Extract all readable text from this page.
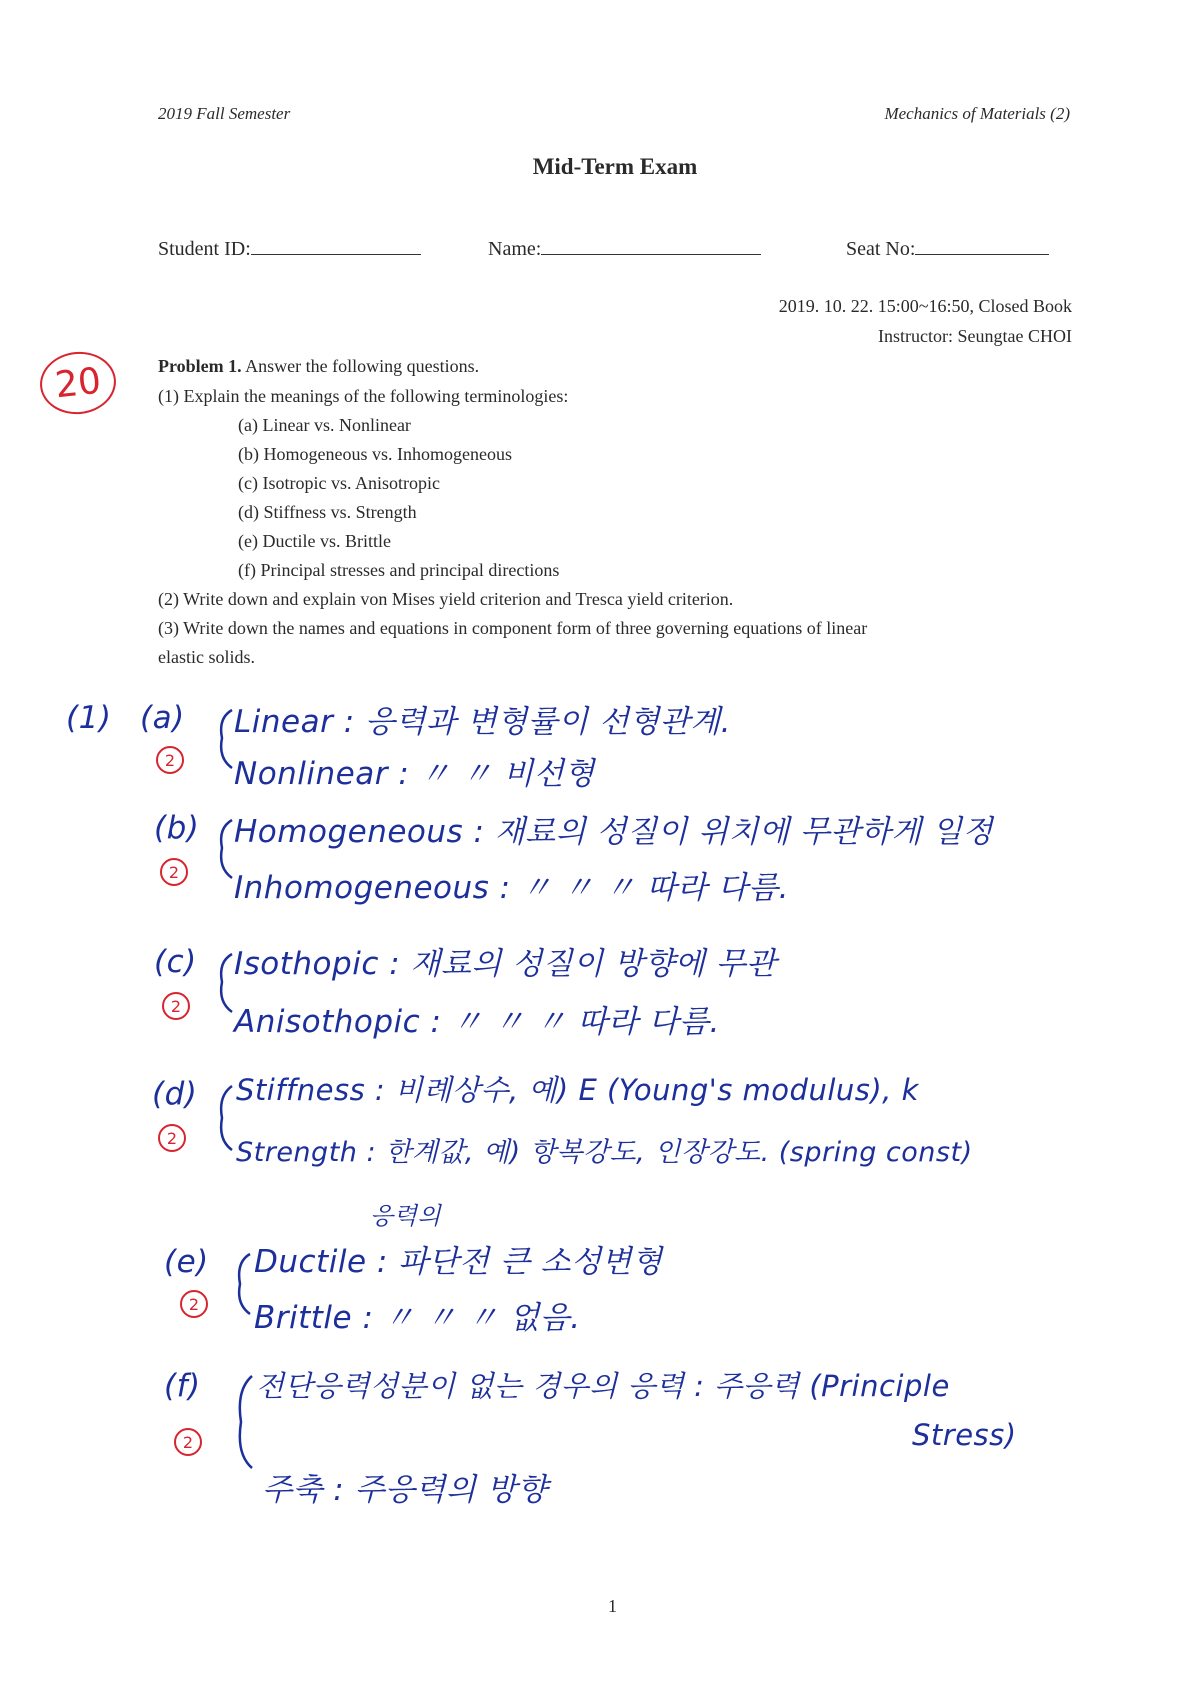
2019 Fall Semester	Mechanics of Materials (2)
Mid-Term Exam
Student ID:	Name:	Seat No:
2019. 10. 22. 15:00~16:50, Closed Book
Instructor: Seungtae CHOI
20	Problem 1. Answer the following questions.
(1) Explain the meanings of the following terminologies:
(a) Linear vs. Nonlinear
(b) Homogeneous vs. Inhomogeneous
(c) Isotropic vs. Anisotropic
(d) Stiffness vs. Strength
(e) Ductile vs. Brittle
(f) Principal stresses and principal directions
(2) Write down and explain von Mises yield criterion and Tresca yield criterion.
(3) Write down the names and equations in component form of three governing equations of linear
elastic solids.
(1) (a)
2
Linear : 응력과 변형률이 선형관계.
Nonlinear : 〃 〃 비선형
(b)
2
Homogeneous : 재료의 성질이 위치에 무관하게 일정
Inhomogeneous : 〃 〃 〃 따라 다름.
(c)
2
Isothopic : 재료의 성질이 방향에 무관
Anisothopic : 〃 〃 〃 따라 다름.
(d)
2
Stiffness : 비례상수, 예) E (Young's modulus), k
Strength : 한계값, 예) 항복강도, 인장강도. (spring const)
응력의
(e)
2
Ductile : 파단전 큰 소성변형
Brittle : 〃 〃 〃 없음.
(f)
2
전단응력성분이 없는 경우의 응력 : 주응력 (Principle
Stress)
주축 : 주응력의 방향
1
